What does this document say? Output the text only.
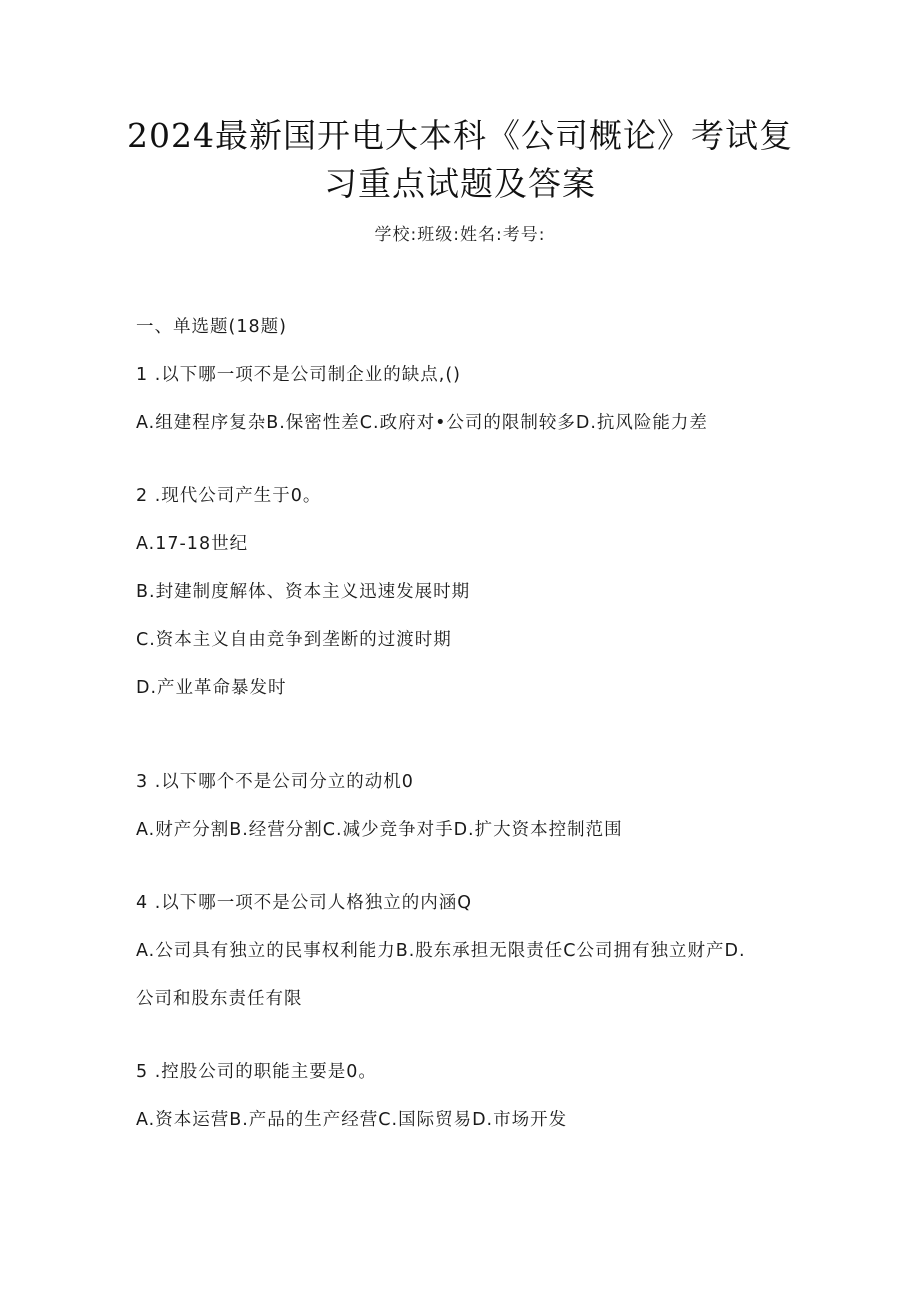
2024最新国开电大本科《公司概论》考试复
习重点试题及答案
学校:班级:姓名:考号:
一、单选题(18题)
1 .以下哪一项不是公司制企业的缺点,()
A.组建程序复杂B.保密性差C.政府对•公司的限制较多D.抗风险能力差
2 .现代公司产生于0。
A.17-18世纪
B.封建制度解体、资本主义迅速发展时期
C.资本主义自由竞争到垄断的过渡时期
D.产业革命暴发时
3 .以下哪个不是公司分立的动机0
A.财产分割B.经营分割C.减少竞争对手D.扩大资本控制范围
4 .以下哪一项不是公司人格独立的内涵Q
A.公司具有独立的民事权利能力B.股东承担无限责任C公司拥有独立财产D.
公司和股东责任有限
5 .控股公司的职能主要是0。
A.资本运营B.产品的生产经营C.国际贸易D.市场开发
